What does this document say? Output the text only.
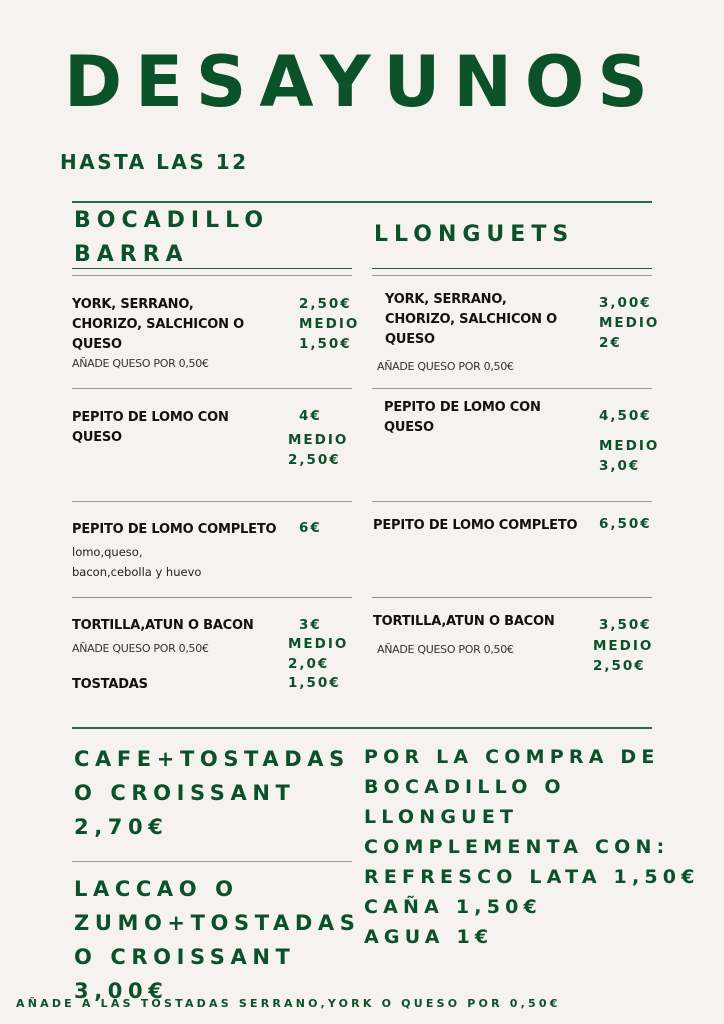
DESAYUNOS
HASTA LAS 12
BOCADILLO
BARRA
LLONGUETS
YORK, SERRANO,
CHORIZO, SALCHICON O
QUESO
AÑADE QUESO POR 0,50€
2,50€
MEDIO
1,50€
PEPITO DE LOMO CON
QUESO
4€
MEDIO
2,50€
PEPITO DE LOMO COMPLETO
lomo,queso,
bacon,cebolla y huevo
6€
TORTILLA,ATUN O BACON
AÑADE QUESO POR 0,50€
3€
MEDIO
2,0€
TOSTADAS	1,50€
YORK, SERRANO,
CHORIZO, SALCHICON O
QUESO
AÑADE QUESO POR 0,50€
3,00€
MEDIO
2€
PEPITO DE LOMO CON
QUESO
4,50€
MEDIO
3,0€
PEPITO DE LOMO COMPLETO 6,50€
TORTILLA,ATUN O BACON
AÑADE QUESO POR 0,50€
3,50€
MEDIO
2,50€
CAFE+TOSTADAS
O CROISSANT
2,70€
LACCAO O
ZUMO+TOSTADAS
O CROISSANT
3,00€
POR LA COMPRA DE
BOCADILLO O
LLONGUET
COMPLEMENTA CON:
REFRESCO LATA 1,50€
CAÑA 1,50€
AGUA 1€
AÑADE A LAS TOSTADAS SERRANO,YORK O QUESO POR 0,50€
